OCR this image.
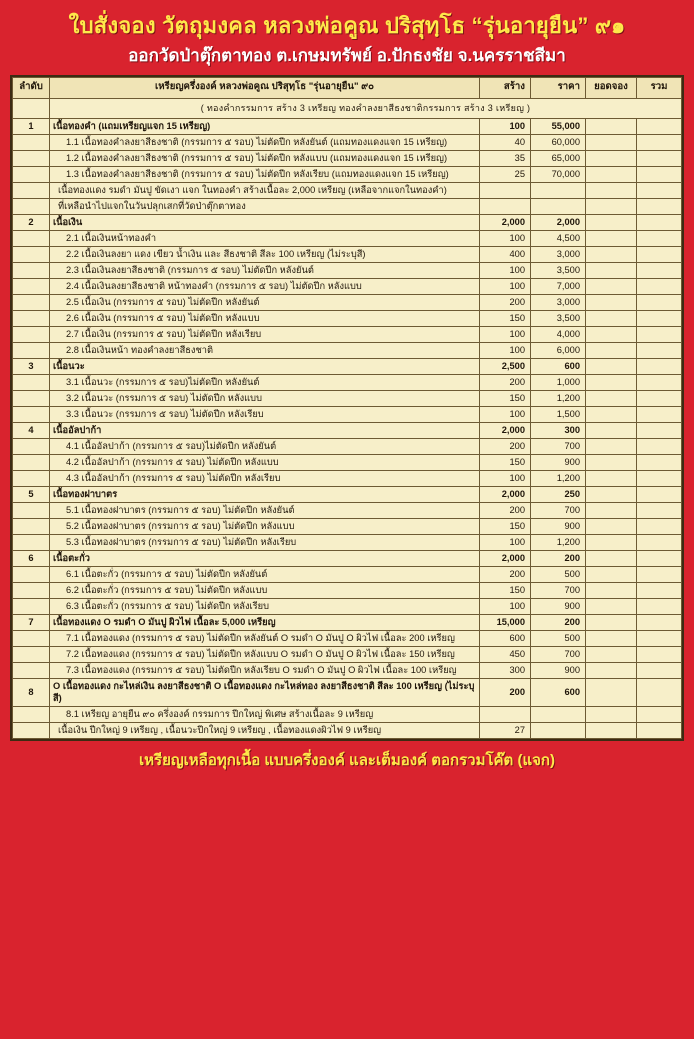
ใบสั่งจอง วัตถุมงคล หลวงพ่อคูณ ปริสุทฺโธ “รุ่นอายุยืน” ๙๑
ออกวัดป่าตุ๊กตาทอง ต.เกษมทรัพย์ อ.ปักธงชัย จ.นครราชสีมา
ลำดับ	เหรียญครึ่งองค์ หลวงพ่อคูณ ปริสุทฺโธ "รุ่นอายุยืน" ๙๐	สร้าง	ราคา	ยอดจอง	รวม
	( ทองคำกรรมการ สร้าง 3 เหรียญ ทองคำลงยาสีธงชาติกรรมการ สร้าง 3 เหรียญ )				
1	เนื้อทองคำ (แถมเหรียญแจก 15 เหรียญ)	100	55,000		
	1.1 เนื้อทองคำลงยาสีธงชาติ (กรรมการ ๕ รอบ) ไม่ตัดปีก หลังยันต์ (แถมทองแดงแจก 15 เหรียญ)	40	60,000		
	1.2 เนื้อทองคำลงยาสีธงชาติ (กรรมการ ๕ รอบ) ไม่ตัดปีก หลังแบบ (แถมทองแดงแจก 15 เหรียญ)	35	65,000		
	1.3 เนื้อทองคำลงยาสีธงชาติ (กรรมการ ๕ รอบ) ไม่ตัดปีก หลังเรียบ (แถมทองแดงแจก 15 เหรียญ)	25	70,000		
	เนื้อทองแดง รมดำ มันปู ขัดเงา แจก ในทองคำ สร้างเนื้อละ 2,000 เหรียญ (เหลือจากแจกในทองคำ)				
	ที่เหลือนำไปแจกในวันปลุกเสกที่วัดป่าตุ๊กตาทอง				
2	เนื้อเงิน	2,000	2,000		
	2.1 เนื้อเงินหน้าทองคำ	100	4,500		
	2.2 เนื้อเงินลงยา แดง เขียว น้ำเงิน และ สีธงชาติ สีละ 100 เหรียญ (ไม่ระบุสี)	400	3,000		
	2.3 เนื้อเงินลงยาสีธงชาติ (กรรมการ ๕ รอบ) ไม่ตัดปีก หลังยันต์	100	3,500		
	2.4 เนื้อเงินลงยาสีธงชาติ หน้าทองคำ (กรรมการ ๕ รอบ) ไม่ตัดปีก หลังแบบ	100	7,000		
	2.5 เนื้อเงิน (กรรมการ ๕ รอบ) ไม่ตัดปีก หลังยันต์	200	3,000		
	2.6 เนื้อเงิน (กรรมการ ๕ รอบ) ไม่ตัดปีก หลังแบบ	150	3,500		
	2.7 เนื้อเงิน (กรรมการ ๕ รอบ) ไม่ตัดปีก หลังเรียบ	100	4,000		
	2.8 เนื้อเงินหน้า ทองคำลงยาสีธงชาติ	100	6,000		
3	เนื้อนวะ	2,500	600		
	3.1 เนื้อนวะ (กรรมการ ๕ รอบ)ไม่ตัดปีก หลังยันต์	200	1,000		
	3.2 เนื้อนวะ (กรรมการ ๕ รอบ) ไม่ตัดปีก หลังแบบ	150	1,200		
	3.3 เนื้อนวะ (กรรมการ ๕ รอบ) ไม่ตัดปีก หลังเรียบ	100	1,500		
4	เนื้ออัลปาก้า	2,000	300		
	4.1 เนื้ออัลปาก้า (กรรมการ ๕ รอบ)ไม่ตัดปีก หลังยันต์	200	700		
	4.2 เนื้ออัลปาก้า (กรรมการ ๕ รอบ) ไม่ตัดปีก หลังแบบ	150	900		
	4.3 เนื้ออัลปาก้า (กรรมการ ๕ รอบ) ไม่ตัดปีก หลังเรียบ	100	1,200		
5	เนื้อทองฝาบาตร	2,000	250		
	5.1 เนื้อทองฝาบาตร (กรรมการ ๕ รอบ) ไม่ตัดปีก หลังยันต์	200	700		
	5.2 เนื้อทองฝาบาตร (กรรมการ ๕ รอบ) ไม่ตัดปีก หลังแบบ	150	900		
	5.3 เนื้อทองฝาบาตร (กรรมการ ๕ รอบ) ไม่ตัดปีก หลังเรียบ	100	1,200		
6	เนื้อตะกั่ว	2,000	200		
	6.1 เนื้อตะกั่ว (กรรมการ ๕ รอบ) ไม่ตัดปีก หลังยันต์	200	500		
	6.2 เนื้อตะกั่ว (กรรมการ ๕ รอบ) ไม่ตัดปีก หลังแบบ	150	700		
	6.3 เนื้อตะกั่ว (กรรมการ ๕ รอบ) ไม่ตัดปีก หลังเรียบ	100	900		
7	เนื้อทองแดง O รมดำ O มันปู ผิวไฟ เนื้อละ 5,000 เหรียญ	15,000	200		
	7.1 เนื้อทองแดง (กรรมการ ๕ รอบ) ไม่ตัดปีก หลังยันต์ O รมดำ O มันปู O ผิวไฟ เนื้อละ 200 เหรียญ	600	500		
	7.2 เนื้อทองแดง (กรรมการ ๕ รอบ) ไม่ตัดปีก หลังแบบ O รมดำ O มันปู O ผิวไฟ เนื้อละ 150 เหรียญ	450	700		
	7.3 เนื้อทองแดง (กรรมการ ๕ รอบ) ไม่ตัดปีก หลังเรียบ O รมดำ O มันปู O ผิวไฟ เนื้อละ 100 เหรียญ	300	900		
8	O เนื้อทองแดง กะไหล่เงิน ลงยาสีธงชาติ O เนื้อทองแดง กะไหล่ทอง ลงยาสีธงชาติ สีละ 100 เหรียญ (ไม่ระบุสี)	200	600		
	8.1 เหรียญ อายุยืน ๙๐ ครึ่งองค์ กรรมการ ปีกใหญ่ พิเศษ สร้างเนื้อละ 9 เหรียญ				
	เนื้อเงิน ปีกใหญ่ 9 เหรียญ , เนื้อนวะปีกใหญ่ 9 เหรียญ , เนื้อทองแดงผิวไฟ 9 เหรียญ	27			
เหรียญเหลือทุกเนื้อ แบบครึ่งองค์ และเต็มองค์ ตอกรวมโค๊ต (แจก)
